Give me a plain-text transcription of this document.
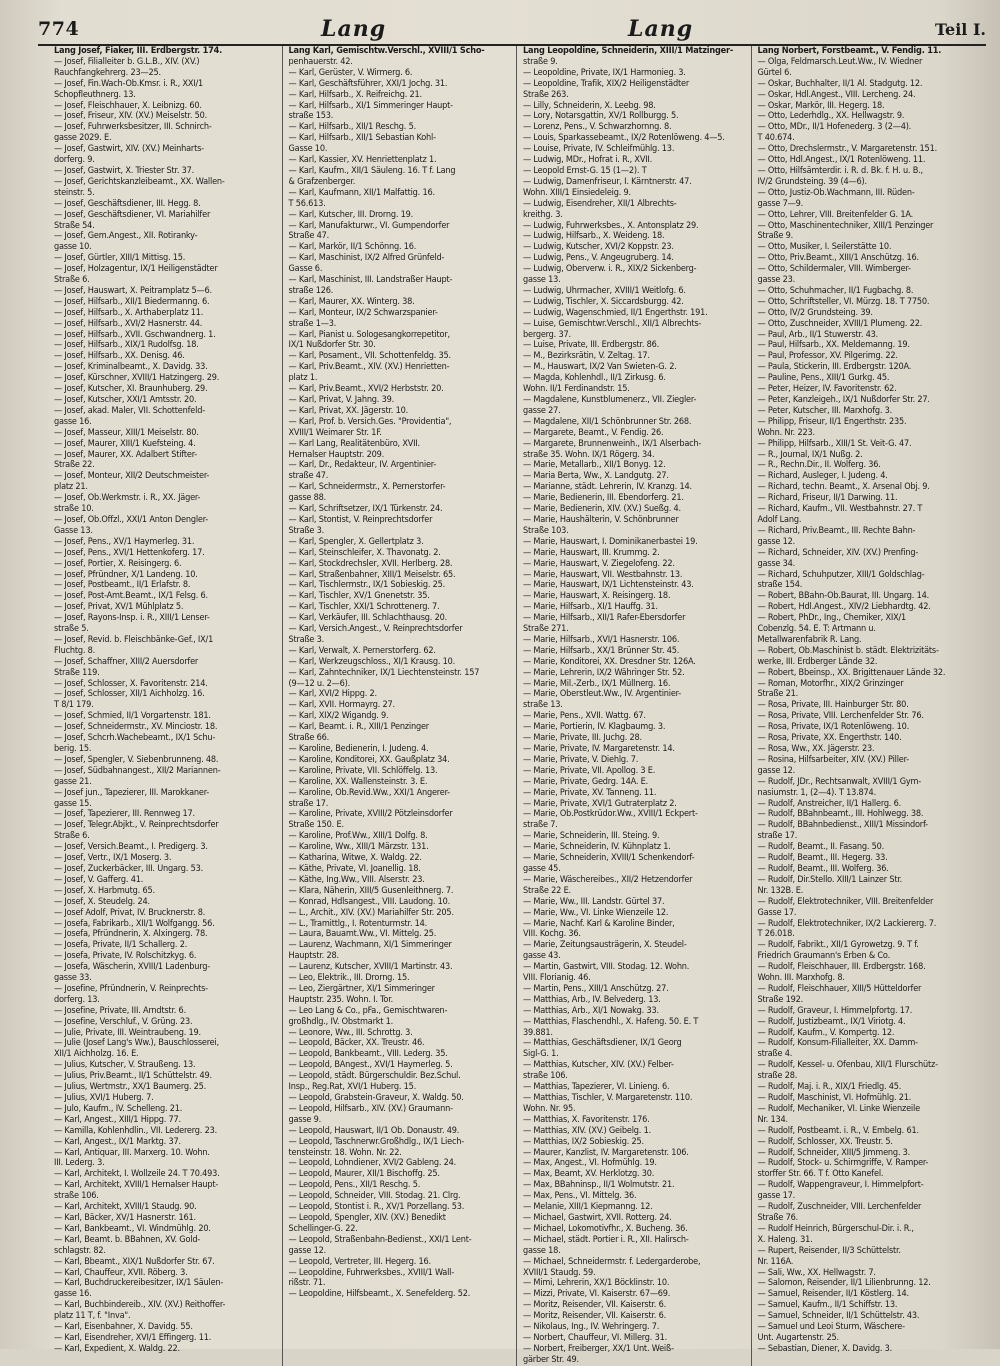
774	Lang	Lang	Teil I.
Lang Josef, Fiaker, III. Erdbergstr. 174.
— Josef, Filialleiter b. G.L.B., XIV. (XV.)
Rauchfangkehrerg. 23—25.
— Josef, Fin.Wach-Ob.Kmsr. i. R., XXI/1
Schopfleuthnerg. 13.
— Josef, Fleischhauer, X. Leibnizg. 60.
— Josef, Friseur, XIV. (XV.) Meiselstr. 50.
— Josef, Fuhrwerksbesitzer, III. Schnirch-
gasse 2029. E.
— Josef, Gastwirt, XIV. (XV.) Meinharts-
dorferg. 9.
— Josef, Gastwirt, X. Triester Str. 37.
— Josef, Gerichtskanzleibeamt., XX. Wallen-
steinstr. 5.
— Josef, Geschäftsdiener, III. Hegg. 8.
— Josef, Geschäftsdiener, VI. Mariahilfer
Straße 54.
— Josef, Gem.Angest., XII. Rotiranky-
gasse 10.
— Josef, Gürtler, XIII/1 Mittisg. 15.
— Josef, Holzagentur, IX/1 Heiligenstädter
Straße 6.
— Josef, Hauswart, X. Peitramplatz 5—6.
— Josef, Hilfsarb., XII/1 Biedermanng. 6.
— Josef, Hilfsarb., X. Arthaberplatz 11.
— Josef, Hilfsarb., XVI/2 Hasnerstr. 44.
— Josef, Hilfsarb., XVII. Gschwandnerg. 1.
— Josef, Hilfsarb., XIX/1 Rudolfsg. 18.
— Josef, Hilfsarb., XX. Denisg. 46.
— Josef, Kriminalbeamt., X. Davidg. 33.
— Josef, Kürschner, XVIII/1 Hatzingerg. 29.
— Josef, Kutscher, XI. Braunhuberg. 29.
— Josef, Kutscher, XXI/1 Amtsstr. 20.
— Josef, akad. Maler, VII. Schottenfeld-
gasse 16.
— Josef, Masseur, XIII/1 Meiselstr. 80.
— Josef, Maurer, XIII/1 Kuefsteing. 4.
— Josef, Maurer, XX. Adalbert Stifter-
Straße 22.
— Josef, Monteur, XII/2 Deutschmeister-
platz 21.
— Josef, Ob.Werkmstr. i. R., XX. Jäger-
straße 10.
— Josef, Ob.Offzl., XXI/1 Anton Dengler-
Gasse 13.
— Josef, Pens., XV/1 Haymerleg. 31.
— Josef, Pens., XVI/1 Hettenkoferg. 17.
— Josef, Portier, X. Reisingerg. 6.
— Josef, Pfründner, X/1 Landeng. 10.
— Josef, Postbeamt., II/1 Erlafstr. 8.
— Josef, Post-Amt.Beamt., IX/1 Felsg. 6.
— Josef, Privat, XV/1 Mühlplatz 5.
— Josef, Rayons-Insp. i. R., XIII/1 Lenser-
straße 5.
— Josef, Revid. b. Fleischbänke-Gef., IX/1
Fluchtg. 8.
— Josef, Schaffner, XIII/2 Auersdorfer
Straße 119.
— Josef, Schlosser, X. Favoritenstr. 214.
— Josef, Schlosser, XII/1 Aichholzg. 16.
T 8/1 179.
— Josef, Schmied, II/1 Vorgartenstr. 181.
— Josef, Schneidermstr., XV. Minciostr. 18.
— Josef, Schcrh.Wachebeamt., IX/1 Schu-
berig. 15.
— Josef, Spengler, V. Siebenbrunneng. 48.
— Josef, Südbahnangest., XII/2 Mariannen-
gasse 21.
— Josef jun., Tapezierer, III. Marokkaner-
gasse 15.
— Josef, Tapezierer, III. Rennweg 17.
— Josef, Telegr.Abjkt., V. Reinprechtsdorfer
Straße 6.
— Josef, Versich.Beamt., I. Predigerg. 3.
— Josef, Vertr., IX/1 Moserg. 3.
— Josef, Zuckerbäcker, III. Ungarg. 53.
— Josef, V. Gafferg. 41.
— Josef, X. Harbmutg. 65.
— Josef, X. Steudelg. 24.
— Josef Adolf, Privat, IV. Brucknerstr. 8.
— Josefa, Fabrikarb., XII/1 Wolfgangg. 56.
— Josefa, Pfründnerin, X. Alxingerg. 78.
— Josefa, Private, II/1 Schallerg. 2.
— Josefa, Private, IV. Rolschitzkyg. 6.
— Josefa, Wäscherin, XVIII/1 Ladenburg-
gasse 33.
— Josefine, Pfründnerin, V. Reinprechts-
dorferg. 13.
— Josefine, Private, III. Arndtstr. 6.
— Josefine, Verschluf., V. Grüng. 23.
— Julie, Private, III. Weintraubeng. 19.
— Julie (Josef Lang's Ww.), Bauschlosserei,
XII/1 Aichholzg. 16. E.
— Julius, Kutscher, V. Straußeng. 13.
— Julius, Priv.Beamt., II/1 Schüttelstr. 49.
— Julius, Wertmstr., XX/1 Baumerg. 25.
— Julius, XVI/1 Huberg. 7.
— Julo, Kaufm., IV. Schelleng. 21.
— Karl, Angest., XIII/1 Hippg. 77.
— Kamilla, Kohlenhdlin., VII. Ledererg. 23.
— Karl, Angest., IX/1 Marktg. 37.
— Karl, Antiquar, III. Marxerg. 10. Wohn.
III. Lederg. 3.
— Karl, Architekt, I. Wollzeile 24. T 70.493.
— Karl, Architekt, XVIII/1 Hernalser Haupt-
straße 106.
— Karl, Architekt, XVIII/1 Staudg. 90.
— Karl, Bäcker, XV/1 Hasnerstr. 161.
— Karl, Bankbeamt., VI. Windmühlg. 20.
— Karl, Beamt. b. BBahnen, XV. Gold-
schlagstr. 82.
— Karl, Bbeamt., XIX/1 Nußdorfer Str. 67.
— Karl, Chauffeur, XVII. Röberg. 3.
— Karl, Buchdruckereibesitzer, IX/1 Säulen-
gasse 16.
— Karl, Buchbindereib., XIV. (XV.) Reithoffer-
platz 11 T, f. "Inva".
— Karl, Eisenbahner, X. Davidg. 55.
— Karl, Eisendreher, XVI/1 Effingerg. 11.
— Karl, Expedient, X. Waldg. 22.
Lang Karl, Gemischtw.Verschl., XVIII/1 Scho-
penhauerstr. 42.
— Karl, Gerüster, V. Wirmerg. 6.
— Karl, Geschäftsführer, XXI/1 Jochg. 31.
— Karl, Hilfsarb., X. Reifreichg. 21.
— Karl, Hilfsarb., XI/1 Simmeringer Haupt-
straße 153.
— Karl, Hilfsarb., XII/1 Reschg. 5.
— Karl, Hilfsarb., XII/1 Sebastian Kohl-
Gasse 10.
— Karl, Kassier, XV. Henriettenplatz 1.
— Karl, Kaufm., XII/1 Säuleng. 16. T f. Lang
& Grafzenberger.
— Karl, Kaufmann, XII/1 Malfattig. 16.
T 56.613.
— Karl, Kutscher, III. Drorng. 19.
— Karl, Manufakturwr., VI. Gumpendorfer
Straße 47.
— Karl, Markör, II/1 Schönng. 16.
— Karl, Maschinist, IX/2 Alfred Grünfeld-
Gasse 6.
— Karl, Maschinist, III. Landstraßer Haupt-
straße 126.
— Karl, Maurer, XX. Winterg. 38.
— Karl, Monteur, IX/2 Schwarzspanier-
straße 1—3.
— Karl, Pianist u. Sologesangkorrepetitor,
IX/1 Nußdorfer Str. 30.
— Karl, Posament., VII. Schottenfeldg. 35.
— Karl, Priv.Beamt., XIV. (XV.) Henrietten-
platz 1.
— Karl, Priv.Beamt., XVI/2 Herbststr. 20.
— Karl, Privat, V. Jahng. 39.
— Karl, Privat, XX. Jägerstr. 10.
— Karl, Prof. b. Versich.Ges. "Providentia",
XVIII/1 Weimarer Str. 1F.
— Karl Lang, Realitätenbüro, XVII.
Hernalser Hauptstr. 209.
— Karl, Dr., Redakteur, IV. Argentinier-
straße 47.
— Karl, Schneidermstr., X. Pernerstorfer-
gasse 88.
— Karl, Schriftsetzer, IX/1 Türkenstr. 24.
— Karl, Stontist, V. Reinprechtsdorfer
Straße 3.
— Karl, Spengler, X. Gellertplatz 3.
— Karl, Steinschleifer, X. Thavonatg. 2.
— Karl, Stockdrechsler, XVII. Herlberg. 28.
— Karl, Straßenbahner, XIII/1 Meiselstr. 65.
— Karl, Tischlermstr., IX/1 Sobieskig. 25.
— Karl, Tischler, XV/1 Gnenetstr. 35.
— Karl, Tischler, XXI/1 Schrottenerg. 7.
— Karl, Verkäufer, III. Schlachthausg. 20.
— Karl, Versich.Angest., V. Reinprechtsdorfer
Straße 3.
— Karl, Verwalt, X. Pernerstorferg. 62.
— Karl, Werkzeugschloss., XI/1 Krausg. 10.
— Karl, Zahntechniker, IX/1 Liechtensteinstr. 157
(9—12 u. 2—6).
— Karl, XVI/2 Hippg. 2.
— Karl, XVII. Hormayrg. 27.
— Karl, XIX/2 Wigandg. 9.
— Karl, Beamt. i. R., XIII/1 Penzinger
Straße 66.
— Karoline, Bedienerin, I. Judeng. 4.
— Karoline, Konditorei, XX. Gaußplatz 34.
— Karoline, Private, VII. Schlöffelg. 13.
— Karoline, XX. Wallensteinstr. 3. E.
— Karoline, Ob.Revid.Ww., XXI/1 Angerer-
straße 17.
— Karoline, Private, XVIII/2 Pötzleinsdorfer
Straße 150. E.
— Karoline, Prof.Ww., XIII/1 Dolfg. 8.
— Karoline, Ww., XIII/1 Märzstr. 131.
— Katharina, Witwe, X. Waldg. 22.
— Käthe, Private, VI. Joanellig. 18.
— Käthe, Ing.Ww., VIII. Alserstr. 23.
— Klara, Näherin, XIII/5 Gusenleithnerg. 7.
— Konrad, Hdlsangest., VIII. Laudong. 10.
— L., Archit., XIV. (XV.) Mariahilfer Str. 205.
— L., Tramittlg., I. Rotenturmstr. 14.
— Laura, Bauamt.Ww., VI. Mittelg. 25.
— Laurenz, Wachmann, XI/1 Simmeringer
Hauptstr. 28.
— Laurenz, Kutscher, XVIII/1 Martinstr. 43.
— Leo, Elektrik., III. Drorng. 15.
— Leo, Ziergärtner, XI/1 Simmeringer
Hauptstr. 235. Wohn. I. Tor.
— Leo Lang & Co., pFa., Gemischtwaren-
großhdlg., IV. Obstmarkt 1.
— Leonore, Ww., III. Schrottg. 3.
— Leopold, Bäcker, XX. Treustr. 46.
— Leopold, Bankbeamt., VIII. Lederg. 35.
— Leopold, BAngest., XVI/1 Haymerleg. 5.
— Leopold, städt. Bürgerschuldir. Bez.Schul.
Insp., Reg.Rat, XVI/1 Huberg. 15.
— Leopold, Grabstein-Graveur, X. Waldg. 50.
— Leopold, Hilfsarb., XIV. (XV.) Graumann-
gasse 9.
— Leopold, Hauswart, II/1 Ob. Donaustr. 49.
— Leopold, Taschnerwr.Großhdlg., IX/1 Liech-
tensteinstr. 18. Wohn. Nr. 22.
— Leopold, Lohndiener, XVI/2 Gableng. 24.
— Leopold, Maurer, XII/1 Bischoffg. 25.
— Leopold, Pens., XII/1 Reschg. 5.
— Leopold, Schneider, VIII. Stodag. 21. Clrg.
— Leopold, Stontist i. R., XV/1 Porzellang. 53.
— Leopold, Spengler, XIV. (XV.) Benedikt
Schellinger-G. 22.
— Leopold, Straßenbahn-Bedienst., XXI/1 Lent-
gasse 12.
— Leopold, Vertreter, III. Hegerg. 16.
— Leopoldine, Fuhrwerksbes., XVIII/1 Wall-
rißstr. 71.
— Leopoldine, Hilfsbeamt., X. Senefelderg. 52.
Lang Leopoldine, Schneiderin, XIII/1 Matzinger-
straße 9.
— Leopoldine, Private, IX/1 Harmonieg. 3.
— Leopoldine, Trafik, XIX/2 Heiligenstädter
Straße 263.
— Lilly, Schneiderin, X. Leebg. 98.
— Lory, Notarsgattin, XV/1 Rollburgg. 5.
— Lorenz, Pens., V. Schwarzhornng. 8.
— Louis, Sparkassebeamt., IX/2 Rotenlöweng. 4—5.
— Louise, Private, IV. Schleifmühlg. 13.
— Ludwig, MDr., Hofrat i. R., XVII.
— Leopold Ernst-G. 15 (1—2). T
— Ludwig, Damenfriseur, I. Kärntnerstr. 47.
Wohn. XIII/1 Einsiedeleig. 9.
— Ludwig, Eisendreher, XII/1 Albrechts-
kreithg. 3.
— Ludwig, Fuhrwerksbes., X. Antonsplatz 29.
— Ludwig, Hilfsarb., X. Weideng. 18.
— Ludwig, Kutscher, XVI/2 Koppstr. 23.
— Ludwig, Pens., V. Angeugruberg. 14.
— Ludwig, Oberverw. i. R., XIX/2 Sickenberg-
gasse 13.
— Ludwig, Uhrmacher, XVIII/1 Weitlofg. 6.
— Ludwig, Tischler, X. Siccardsburgg. 42.
— Ludwig, Wagenschmied, II/1 Engerthstr. 191.
— Luise, Gemischtwr.Verschl., XII/1 Albrechts-
bergerg. 37.
— Luise, Private, III. Erdbergstr. 86.
— M., Bezirksrätin, V. Zeltag. 17.
— M., Hauswart, IX/2 Van Swieten-G. 2.
— Magda, Kohlenhdl., II/1 Zirkusg. 6.
Wohn. II/1 Ferdinandstr. 15.
— Magdalene, Kunstblumenerz., VII. Ziegler-
gasse 27.
— Magdalene, XII/1 Schönbrunner Str. 268.
— Margarete, Beamt., V. Fendig. 26.
— Margarete, Brunnenweinh., IX/1 Alserbach-
straße 35. Wohn. IX/1 Rögerg. 34.
— Marie, Metallarb., XII/1 Bonyg. 12.
— Maria Berta, Ww., X. Landgutg. 27.
— Marianne, städt. Lehrerin, IV. Kranzg. 14.
— Marie, Bedienerin, III. Ebendorferg. 21.
— Marie, Bedienerin, XIV. (XV.) Sueßg. 4.
— Marie, Haushälterin, V. Schönbrunner
Straße 103.
— Marie, Hauswart, I. Dominikanerbastei 19.
— Marie, Hauswart, III. Krummg. 2.
— Marie, Hauswart, V. Ziegelofeng. 22.
— Marie, Hauswart, VII. Westbahnstr. 13.
— Marie, Hauswart, IX/1 Lichtensteinstr. 43.
— Marie, Hauswart, X. Reisingerg. 18.
— Marie, Hilfsarb., XI/1 Hauffg. 31.
— Marie, Hilfsarb., XII/1 Rafer-Ebersdorfer
Straße 271.
— Marie, Hilfsarb., XVI/1 Hasnerstr. 106.
— Marie, Hilfsarb., XX/1 Brünner Str. 45.
— Marie, Konditorei, XX. Dresdner Str. 126A.
— Marie, Lehrerin, IX/2 Währinger Str. 52.
— Marie, Mil.-Zerb., IX/1 Müllnerg. 16.
— Marie, Oberstleut.Ww., IV. Argentinier-
straße 13.
— Marie, Pens., XVII. Wattg. 67.
— Marie, Portierin, IV. Klagbaumg. 3.
— Marie, Private, III. Juchg. 28.
— Marie, Private, IV. Margaretenstr. 14.
— Marie, Private, V. Diehlg. 7.
— Marie, Private, VII. Apollog. 3 E.
— Marie, Private, Gedrg. 14A. E.
— Marie, Private, XV. Tanneng. 11.
— Marie, Private, XVI/1 Gutraterplatz 2.
— Marie, Ob.Postkrüdor.Ww., XVIII/1 Eckpert-
straße 7.
— Marie, Schneiderin, III. Steing. 9.
— Marie, Schneiderin, IV. Kühnplatz 1.
— Marie, Schneiderin, XVIII/1 Schenkendorf-
gasse 45.
— Marie, Wäschereibes., XII/2 Hetzendorfer
Straße 22 E.
— Marie, Ww., III. Landstr. Gürtel 37.
— Marie, Ww., VI. Linke Wienzeile 12.
— Marie, Nachf. Karl & Karoline Binder,
VIII. Kochg. 36.
— Marie, Zeitungsausträgerin, X. Steudel-
gasse 43.
— Martin, Gastwirt, VIII. Stodag. 12. Wohn.
VIII. Florianig. 46.
— Martin, Pens., XIII/1 Anschützg. 27.
— Matthias, Arb., IV. Belvederg. 13.
— Matthias, Arb., XI/1 Nowakg. 33.
— Matthias, Flaschendhl., X. Hafeng. 50. E. T
39.881.
— Matthias, Geschäftsdiener, IX/1 Georg
Sigl-G. 1.
— Matthias, Kutscher, XIV. (XV.) Felber-
straße 106.
— Matthias, Tapezierer, VI. Linieng. 6.
— Matthias, Tischler, V. Margaretenstr. 110.
Wohn. Nr. 95.
— Matthias, X. Favoritenstr. 176.
— Matthias, XIV. (XV.) Geibelg. 1.
— Matthias, IX/2 Sobieskig. 25.
— Maurer, Kanzlist, IV. Margaretenstr. 106.
— Max, Angest., VI. Hofmühlg. 19.
— Max, Beamt, XV. Herklotzg. 30.
— Max, BBahninsp., II/1 Wolmutstr. 21.
— Max, Pens., VI. Mittelg. 36.
— Melanie, XIII/1 Kiepmanng. 12.
— Michael, Gastwirt, XVII. Rotterg. 24.
— Michael, Lokomotivfhr., X. Bucheng. 36.
— Michael, städt. Portier i. R., XII. Halirsch-
gasse 18.
— Michael, Schneidermstr. f. Ledergarderobe,
XVIII/1 Staudg. 59.
— Mimi, Lehrerin, XX/1 Böcklinstr. 10.
— Mizzi, Private, VI. Kaiserstr. 67—69.
— Moritz, Reisender, VII. Kaiserstr. 6.
— Moritz, Reisender, VII. Kaiserstr. 6.
— Nikolaus, Ing., IV. Wehringerg. 7.
— Norbert, Chauffeur, VI. Millerg. 31.
— Norbert, Freiberger, XX/1 Unt. Weiß-
gärber Str. 49.
Lang Norbert, Forstbeamt., V. Fendig. 11.
— Olga, Feldmarsch.Leut.Ww., IV. Wiedner
Gürtel 6.
— Oskar, Buchhalter, II/1 Al. Stadgutg. 12.
— Oskar, Hdl.Angest., VIII. Lercheng. 24.
— Oskar, Markör, III. Hegerg. 18.
— Otto, Lederhdlg., XX. Hellwagstr. 9.
— Otto, MDr., II/1 Hofenederg. 3 (2—4).
T 40.674.
— Otto, Drechslermstr., V. Margaretenstr. 151.
— Otto, Hdl.Angest., IX/1 Rotenlöweng. 11.
— Otto, Hilfsämterdir. i. R. d. Bk. f. H. u. B.,
IV/2 Grundsteing. 39 (4—6).
— Otto, Justiz-Ob.Wachmann, III. Rüden-
gasse 7—9.
— Otto, Lehrer, VIII. Breitenfelder G. 1A.
— Otto, Maschinentechniker, XIII/1 Penzinger
Straße 9.
— Otto, Musiker, I. Seilerstätte 10.
— Otto, Priv.Beamt., XIII/1 Anschützg. 16.
— Otto, Schildermaler, VIII. Wimberger-
gasse 23.
— Otto, Schuhmacher, II/1 Fugbachg. 8.
— Otto, Schriftsteller, VI. Mürzg. 18. T 7750.
— Otto, IV/2 Grundsteing. 39.
— Otto, Zuschneider, XVIII/1 Plumeng. 22.
— Paul, Arb., II/1 Stuwerstr. 43.
— Paul, Hilfsarb., XX. Meldemanng. 19.
— Paul, Professor, XV. Pilgerimg. 22.
— Paula, Stickerin, III. Erdbergstr. 120A.
— Pauline, Pens., XIII/1 Gurkg. 45.
— Peter, Heizer, IV. Favoritenstr. 62.
— Peter, Kanzleigeh., IX/1 Nußdorfer Str. 27.
— Peter, Kutscher, III. Marxhofg. 3.
— Philipp, Friseur, II/1 Engerthstr. 235.
Wohn. Nr. 223.
— Philipp, Hilfsarb., XIII/1 St. Veit-G. 47.
— R., Journal, IX/1 Nußg. 2.
— R., Rechn.Dir., II. Wolferg. 36.
— Richard, Ausleger, I. Judeng. 4.
— Richard, techn. Beamt., X. Arsenal Obj. 9.
— Richard, Friseur, II/1 Darwing. 11.
— Richard, Kaufm., VII. Westbahnstr. 27. T
Adolf Lang.
— Richard, Priv.Beamt., III. Rechte Bahn-
gasse 12.
— Richard, Schneider, XIV. (XV.) Prenfing-
gasse 34.
— Richard, Schuhputzer, XIII/1 Goldschlag-
straße 154.
— Robert, BBahn-Ob.Baurat, III. Ungarg. 14.
— Robert, Hdl.Angest., XIV/2 Liebhardtg. 42.
— Robert, PhDr., Ing., Chemiker, XIX/1
Cobenzlg. 54. E. T: Artmann u.
Metallwarenfabrik R. Lang.
— Robert, Ob.Maschinist b. städt. Elektrizitäts-
werke, III. Erdberger Lände 32.
— Robert, Bbeinsp., XX. Brigittenauer Lände 32.
— Roman, Motorfhr., XIX/2 Grinzinger
Straße 21.
— Rosa, Private, III. Hainburger Str. 80.
— Rosa, Private, VIII. Lerchenfelder Str. 76.
— Rosa, Private, IX/1 Rotenlöweng. 10.
— Rosa, Private, XX. Engerthstr. 140.
— Rosa, Ww., XX. Jägerstr. 23.
— Rosina, Hilfsarbeiter, XIV. (XV.) Piller-
gasse 12.
— Rudolf, JDr., Rechtsanwalt, XVIII/1 Gym-
nasiumstr. 1, (2—4). T 13.874.
— Rudolf, Anstreicher, II/1 Hallerg. 6.
— Rudolf, BBahnbeamt., III. Hohlwegg. 38.
— Rudolf, BBahnbedienst., XIII/1 Missindorf-
straße 17.
— Rudolf, Beamt., II. Fasang. 50.
— Rudolf, Beamt., III. Hegerg. 33.
— Rudolf, Beamt., III. Wolferg. 36.
— Rudolf, Dir.Stello. XIII/1 Lainzer Str.
Nr. 132B. E.
— Rudolf, Elektrotechniker, VIII. Breitenfelder
Gasse 17.
— Rudolf, Elektrotechniker, IX/2 Lackiererg. 7.
T 26.018.
— Rudolf, Fabrikt., XII/1 Gyrowetzg. 9. T f.
Friedrich Graumann's Erben & Co.
— Rudolf, Fleischhauer, III. Erdbergstr. 168.
Wohn. III. Marxhofg. 8.
— Rudolf, Fleischhauer, XIII/5 Hütteldorfer
Straße 192.
— Rudolf, Graveur, I. Himmelpfortg. 17.
— Rudolf, Justizbeamt., IX/1 Viriotg. 4.
— Rudolf, Kaufm., V. Kompertg. 12.
— Rudolf, Konsum-Filialleiter, XX. Damm-
straße 4.
— Rudolf, Kessel- u. Ofenbau, XII/1 Flurschütz-
straße 28.
— Rudolf, Maj. i. R., XIX/1 Friedlg. 45.
— Rudolf, Maschinist, VI. Hofmühlg. 21.
— Rudolf, Mechaniker, VI. Linke Wienzeile
Nr. 134.
— Rudolf, Postbeamt. i. R., V. Embelg. 61.
— Rudolf, Schlosser, XX. Treustr. 5.
— Rudolf, Schneider, XIII/5 Jimmeng. 3.
— Rudolf, Stock- u. Schirmgriffe, V. Ramper-
storffer Str. 66. T f. Otto Kanefel.
— Rudolf, Wappengraveur, I. Himmelpfort-
gasse 17.
— Rudolf, Zuschneider, VIII. Lerchenfelder
Straße 76.
— Rudolf Heinrich, Bürgerschul-Dir. i. R.,
X. Haleng. 31.
— Rupert, Reisender, II/3 Schüttelstr.
Nr. 116A.
— Sali, Ww., XX. Hellwagstr. 7.
— Salomon, Reisender, II/1 Lilienbrunng. 12.
— Samuel, Reisender, II/1 Köstlerg. 14.
— Samuel, Kaufm., II/1 Schiffstr. 13.
— Samuel, Schneider, II/1 Schüttelstr. 43.
— Samuel und Leoi Sturm, Wäschere-
Unt. Augartenstr. 25.
— Sebastian, Diener, X. Davidg. 3.
